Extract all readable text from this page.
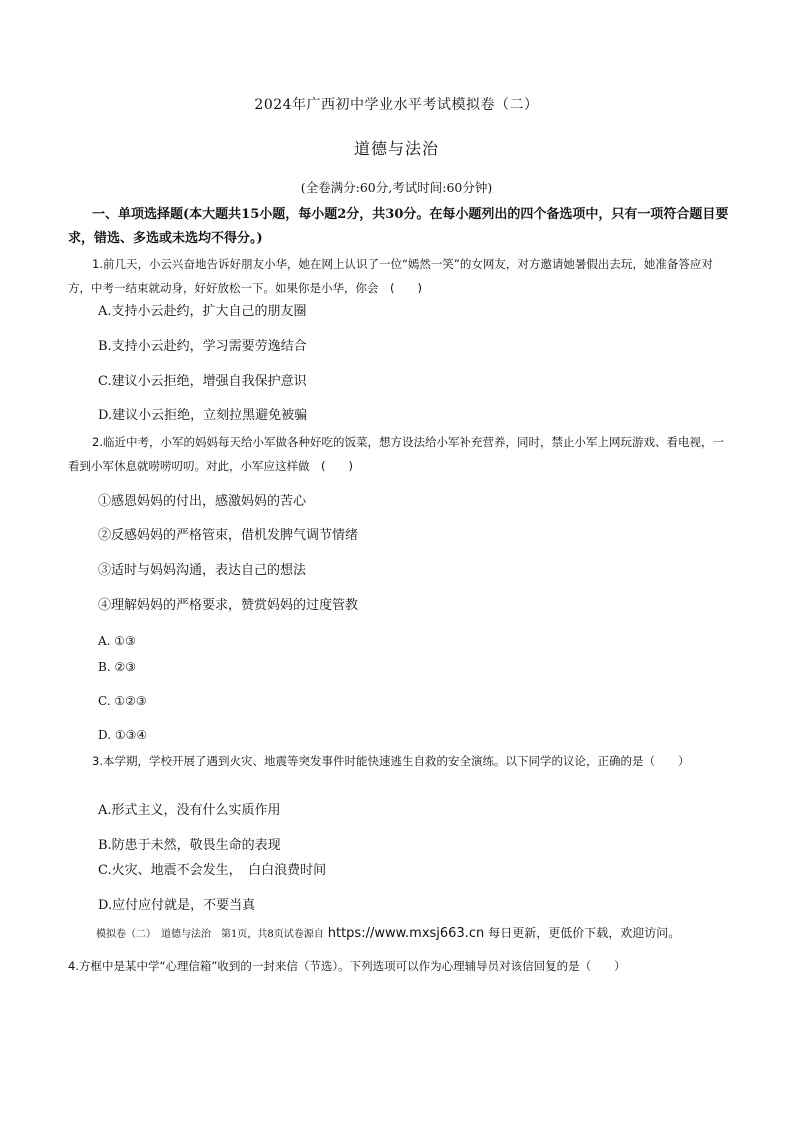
2024年广西初中学业水平考试模拟卷（二）
道德与法治
(全卷满分:60分,考试时间:60分钟)
一、单项选择题(本大题共15小题，每小题2分，共30分。在每小题列出的四个备选项中，只有一项符合题目要求，错选、多选或未选均不得分。)
1.前几天，小云兴奋地告诉好朋友小华，她在网上认识了一位“嫣然一笑”的女网友，对方邀请她暑假出去玩，她准备答应对方，中考一结束就动身，好好放松一下。如果你是小华，你会　(　　)
A.支持小云赴约，扩大自己的朋友圈
B.支持小云赴约，学习需要劳逸结合
C.建议小云拒绝，增强自我保护意识
D.建议小云拒绝，立刻拉黑避免被骗
2.临近中考，小军的妈妈每天给小军做各种好吃的饭菜，想方设法给小军补充营养，同时，禁止小军上网玩游戏、看电视，一看到小军休息就唠唠叨叨。对此，小军应这样做　(　　)
①感恩妈妈的付出，感激妈妈的苦心
②反感妈妈的严格管束，借机发脾气调节情绪
③适时与妈妈沟通，表达自己的想法
④理解妈妈的严格要求，赞赏妈妈的过度管教
A. ①③
B. ②③
C. ①②③
D. ①③④
3.本学期，学校开展了遇到火灾、地震等突发事件时能快速逃生自救的安全演练。以下同学的议论，正确的是（　　）
A.形式主义，没有什么实质作用
B.防患于未然，敬畏生命的表现
C.火灾、地震不会发生，　白白浪费时间
D.应付应付就是，不要当真
模拟卷（二）　道德与法治　第1页，共8页试卷源自 https://www.mxsj663.cn 每日更新，更低价下载，欢迎访问。
4.方框中是某中学“心理信箱”收到的一封来信（节选）。下列选项可以作为心理辅导员对该信回复的是（　　）
